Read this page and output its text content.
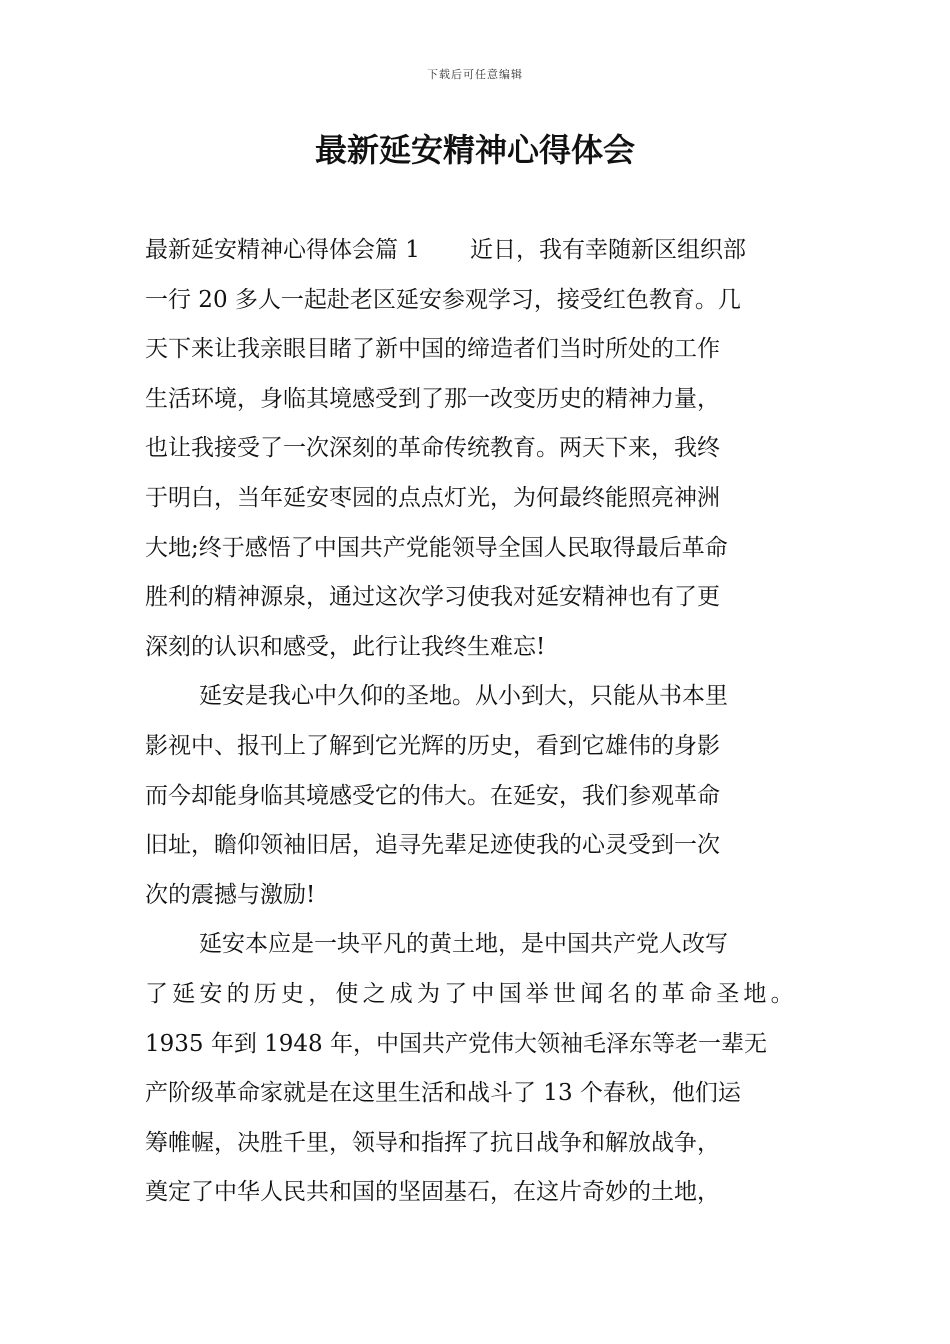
下载后可任意编辑
最新延安精神心得体会
最新延安精神心得体会篇 1 近日，我有幸随新区组织部
一行 20 多人一起赴老区延安参观学习，接受红色教育。几
天下来让我亲眼目睹了新中国的缔造者们当时所处的工作
生活环境，身临其境感受到了那一改变历史的精神力量，
也让我接受了一次深刻的革命传统教育。两天下来，我终
于明白，当年延安枣园的点点灯光，为何最终能照亮神洲
大地;终于感悟了中国共产党能领导全国人民取得最后革命
胜利的精神源泉，通过这次学习使我对延安精神也有了更
深刻的认识和感受，此行让我终生难忘!
延安是我心中久仰的圣地。从小到大，只能从书本里
影视中、报刊上了解到它光辉的历史，看到它雄伟的身影
而今却能身临其境感受它的伟大。在延安，我们参观革命
旧址，瞻仰领袖旧居，追寻先辈足迹使我的心灵受到一次
次的震撼与激励!
延安本应是一块平凡的黄土地，是中国共产党人改写
了延安的历史，使之成为了中国举世闻名的革命圣地。
1935 年到 1948 年，中国共产党伟大领袖毛泽东等老一辈无
产阶级革命家就是在这里生活和战斗了 13 个春秋，他们运
筹帷幄，决胜千里，领导和指挥了抗日战争和解放战争，
奠定了中华人民共和国的坚固基石，在这片奇妙的土地，
